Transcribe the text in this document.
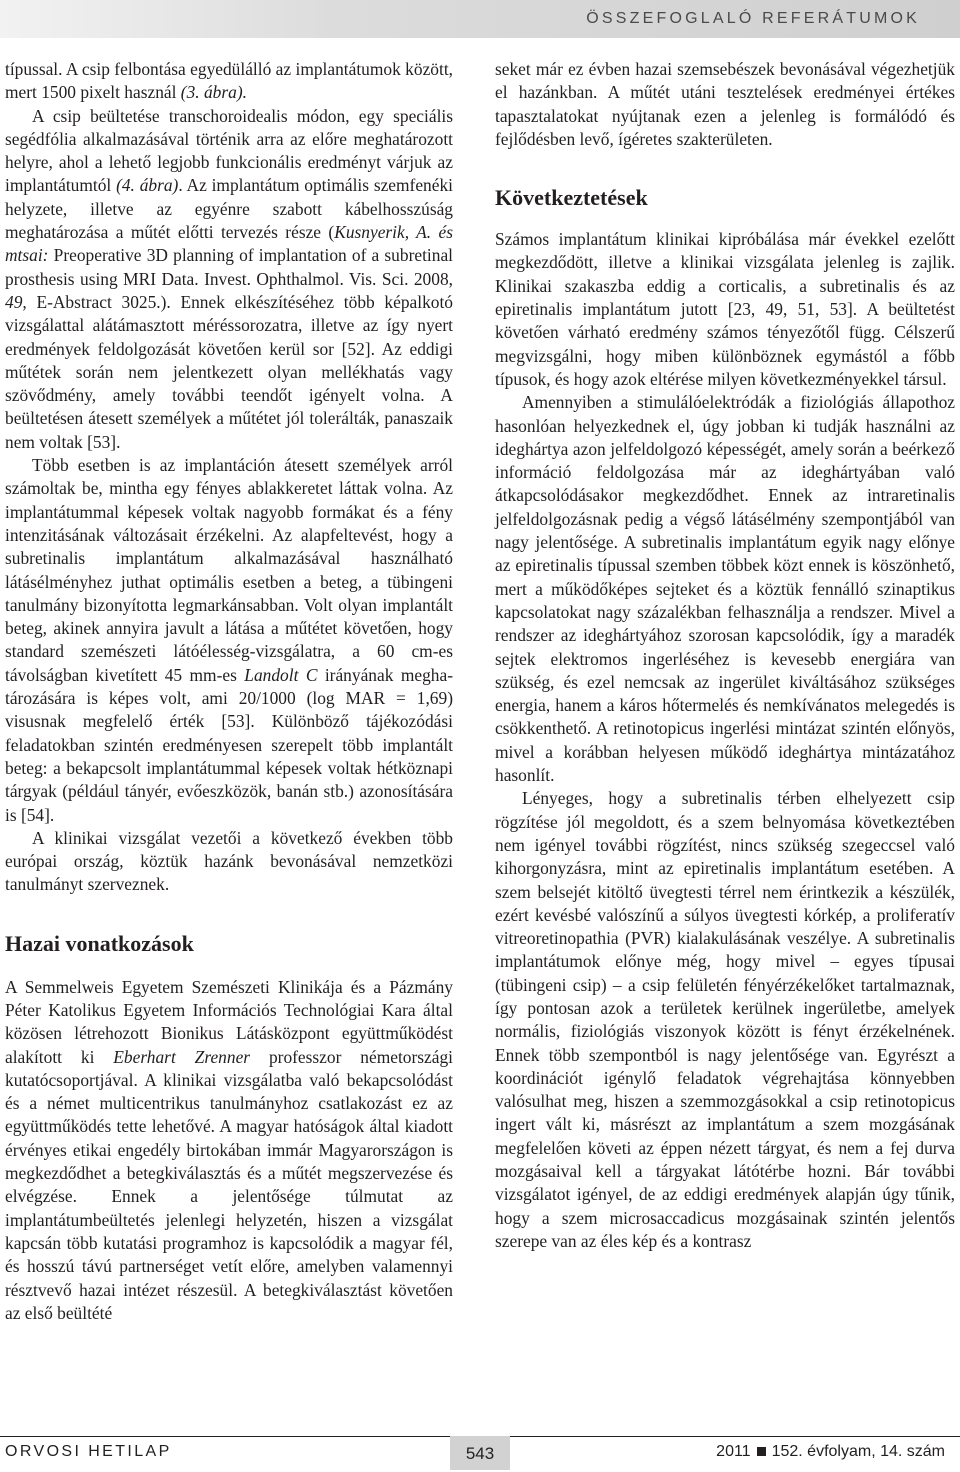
ÖSSZEFOGLALÓ REFERÁTUMOK

típussal. A csip felbontása egyedülálló az implantátumok között, mert 1500 pixelt használ (3. ábra).

A csip beültetése transchoroidealis módon, egy speciális segédfólia alkalmazásával történik arra az előre meghatározott helyre, ahol a lehető legjobb funkcionális eredményt várjuk az implantátumtól (4. ábra). Az implantátum optimális szemfenéki helyzete, illetve az egyénre szabott kábelhosszúság meghatározása a műtét előtti tervezés része (Kusnyerik, A. és mtsai: Preoperative 3D planning of implantation of a subretinal prosthesis using MRI Data. Invest. Ophthalmol. Vis. Sci. 2008, 49, E-Abstract 3025.). Ennek elkészítéséhez több képalkotó vizsgálattal alátámasztott méréssorozatra, illetve az így nyert eredmények feldolgozását követően kerül sor [52]. Az eddigi műtétek során nem jelentkezett olyan mellékhatás vagy szövődmény, amely további teendőt igényelt volna. A beültetésen átesett személyek a műtétet jól tolerálták, panaszaik nem voltak [53].

Több esetben is az implantáción átesett személyek arról számoltak be, mintha egy fényes ablakkeretet láttak volna. Az implantátummal képesek voltak nagyobb formákat és a fény intenzitásának változásait érzékelni. Az alapfeltevést, hogy a subretinalis implantátum alkalmazásával használható látásélményhez juthat optimális esetben a beteg, a tübingeni tanulmány bizonyította legmarkánsabban. Volt olyan implantált beteg, akinek annyira javult a látása a műtétet követően, hogy standard szemészeti látóélesség-vizsgálatra, a 60 cm-es távolságban kivetített 45 mm-es Landolt C irányának meghatározására is képes volt, ami 20/1000 (log MAR = 1,69) visusnak megfelelő érték [53]. Különböző tájékozódási feladatokban szintén eredményesen szerepelt több implantált beteg: a bekapcsolt implantátummal képesek voltak hétköznapi tárgyak (például tányér, evőeszközök, banán stb.) azonosítására is [54].

A klinikai vizsgálat vezetői a következő években több európai ország, köztük hazánk bevonásával nemzetközi tanulmányt szerveznek.

Hazai vonatkozások

A Semmelweis Egyetem Szemészeti Klinikája és a Pázmány Péter Katolikus Egyetem Információs Technológiai Kara által közösen létrehozott Bionikus Látásközpont együttműködést alakított ki Eberhart Zrenner professzor németországi kutatócsoportjával. A klinikai vizsgálatba való bekapcsolódást és a német multicentrikus tanulmányhoz csatlakozást ez az együttműködés tette lehetővé. A magyar hatóságok által kiadott érvényes etikai engedély birtokában immár Magyarországon is megkezdődhet a betegkiválasztás és a műtét megszervezése és elvégzése. Ennek a jelentősége túlmutat az implantátumbeültetés jelenlegi helyzetén, hiszen a vizsgálat kapcsán több kutatási programhoz is kapcsolódik a magyar fél, és hosszú távú partnerséget vetít előre, amelyben valamennyi résztvevő hazai intézet részesül. A betegkiválasztást követően az első beültété

seket már ez évben hazai szemsebészek bevonásával végezhetjük el hazánkban. A műtét utáni tesztelések eredményei értékes tapasztalatokat nyújtanak ezen a jelenleg is formálódó és fejlődésben levő, ígéretes szakterületen.

Következtetések

Számos implantátum klinikai kipróbálása már évekkel ezelőtt megkezdődött, illetve a klinikai vizsgálata jelenleg is zajlik. Klinikai szakaszba eddig a corticalis, a subretinalis és az epiretinalis implantátum jutott [23, 49, 51, 53]. A beültetést követően várható eredmény számos tényezőtől függ. Célszerű megvizsgálni, hogy miben különböznek egymástól a főbb típusok, és hogy azok eltérése milyen következményekkel társul.

Amennyiben a stimulálóelektródák a fiziológiás állapothoz hasonlóan helyezkednek el, úgy jobban ki tudják használni az ideghártya azon jelfeldolgozó képességét, amely során a beérkező információ feldolgozása már az ideghártyában való átkapcsolódásakor megkezdődhet. Ennek az intraretinalis jelfeldolgozásnak pedig a végső látásélmény szempontjából van nagy jelentősége. A subretinalis implantátum egyik nagy előnye az epiretinalis típussal szemben többek közt ennek is köszönhető, mert a működőképes sejteket és a köztük fennálló szinaptikus kapcsolatokat nagy százalékban felhasználja a rendszer. Mivel a rendszer az ideghártyához szorosan kapcsolódik, így a maradék sejtek elektromos ingerléséhez is kevesebb energiára van szükség, és ezel nemcsak az ingerület kiváltásához szükséges energia, hanem a káros hőtermelés és nemkívánatos melegedés is csökkenthető. A retinotopicus ingerlési mintázat szintén előnyös, mivel a korábban helyesen működő ideghártya mintázatához hasonlít.

Lényeges, hogy a subretinalis térben elhelyezett csip rögzítése jól megoldott, és a szem belnyomása következtében nem igényel további rögzítést, nincs szükség szegeccsel való kihorgonyzásra, mint az epiretinalis implantátum esetében. A szem belsejét kitöltő üvegtesti térrel nem érintkezik a készülék, ezért kevésbé valószínű a súlyos üvegtesti kórkép, a proliferatív vitreoretinopathia (PVR) kialakulásának veszélye. A subretinalis implantátumok előnye még, hogy mivel – egyes típusai (tübingeni csip) – a csip felületén fényérzékelőket tartalmaznak, így pontosan azok a területek kerülnek ingerületbe, amelyek normális, fiziológiás viszonyok között is fényt érzékelnének. Ennek több szempontból is nagy jelentősége van. Egyrészt a koordinációt igénylő feladatok végrehajtása könnyebben valósulhat meg, hiszen a szemmozgásokkal a csip retinotopicus ingert vált ki, másrészt az implantátum a szem mozgásának megfelelően követi az éppen nézett tárgyat, és nem a fej durva mozgásaival kell a tárgyakat látótérbe hozni. Bár további vizsgálatot igényel, de az eddigi eredmények alapján úgy tűnik, hogy a szem microsaccadicus mozgásainak szintén jelentős szerepe van az éles kép és a kontrasz

ORVOSI HETILAP	543	2011 152. évfolyam, 14. szám
